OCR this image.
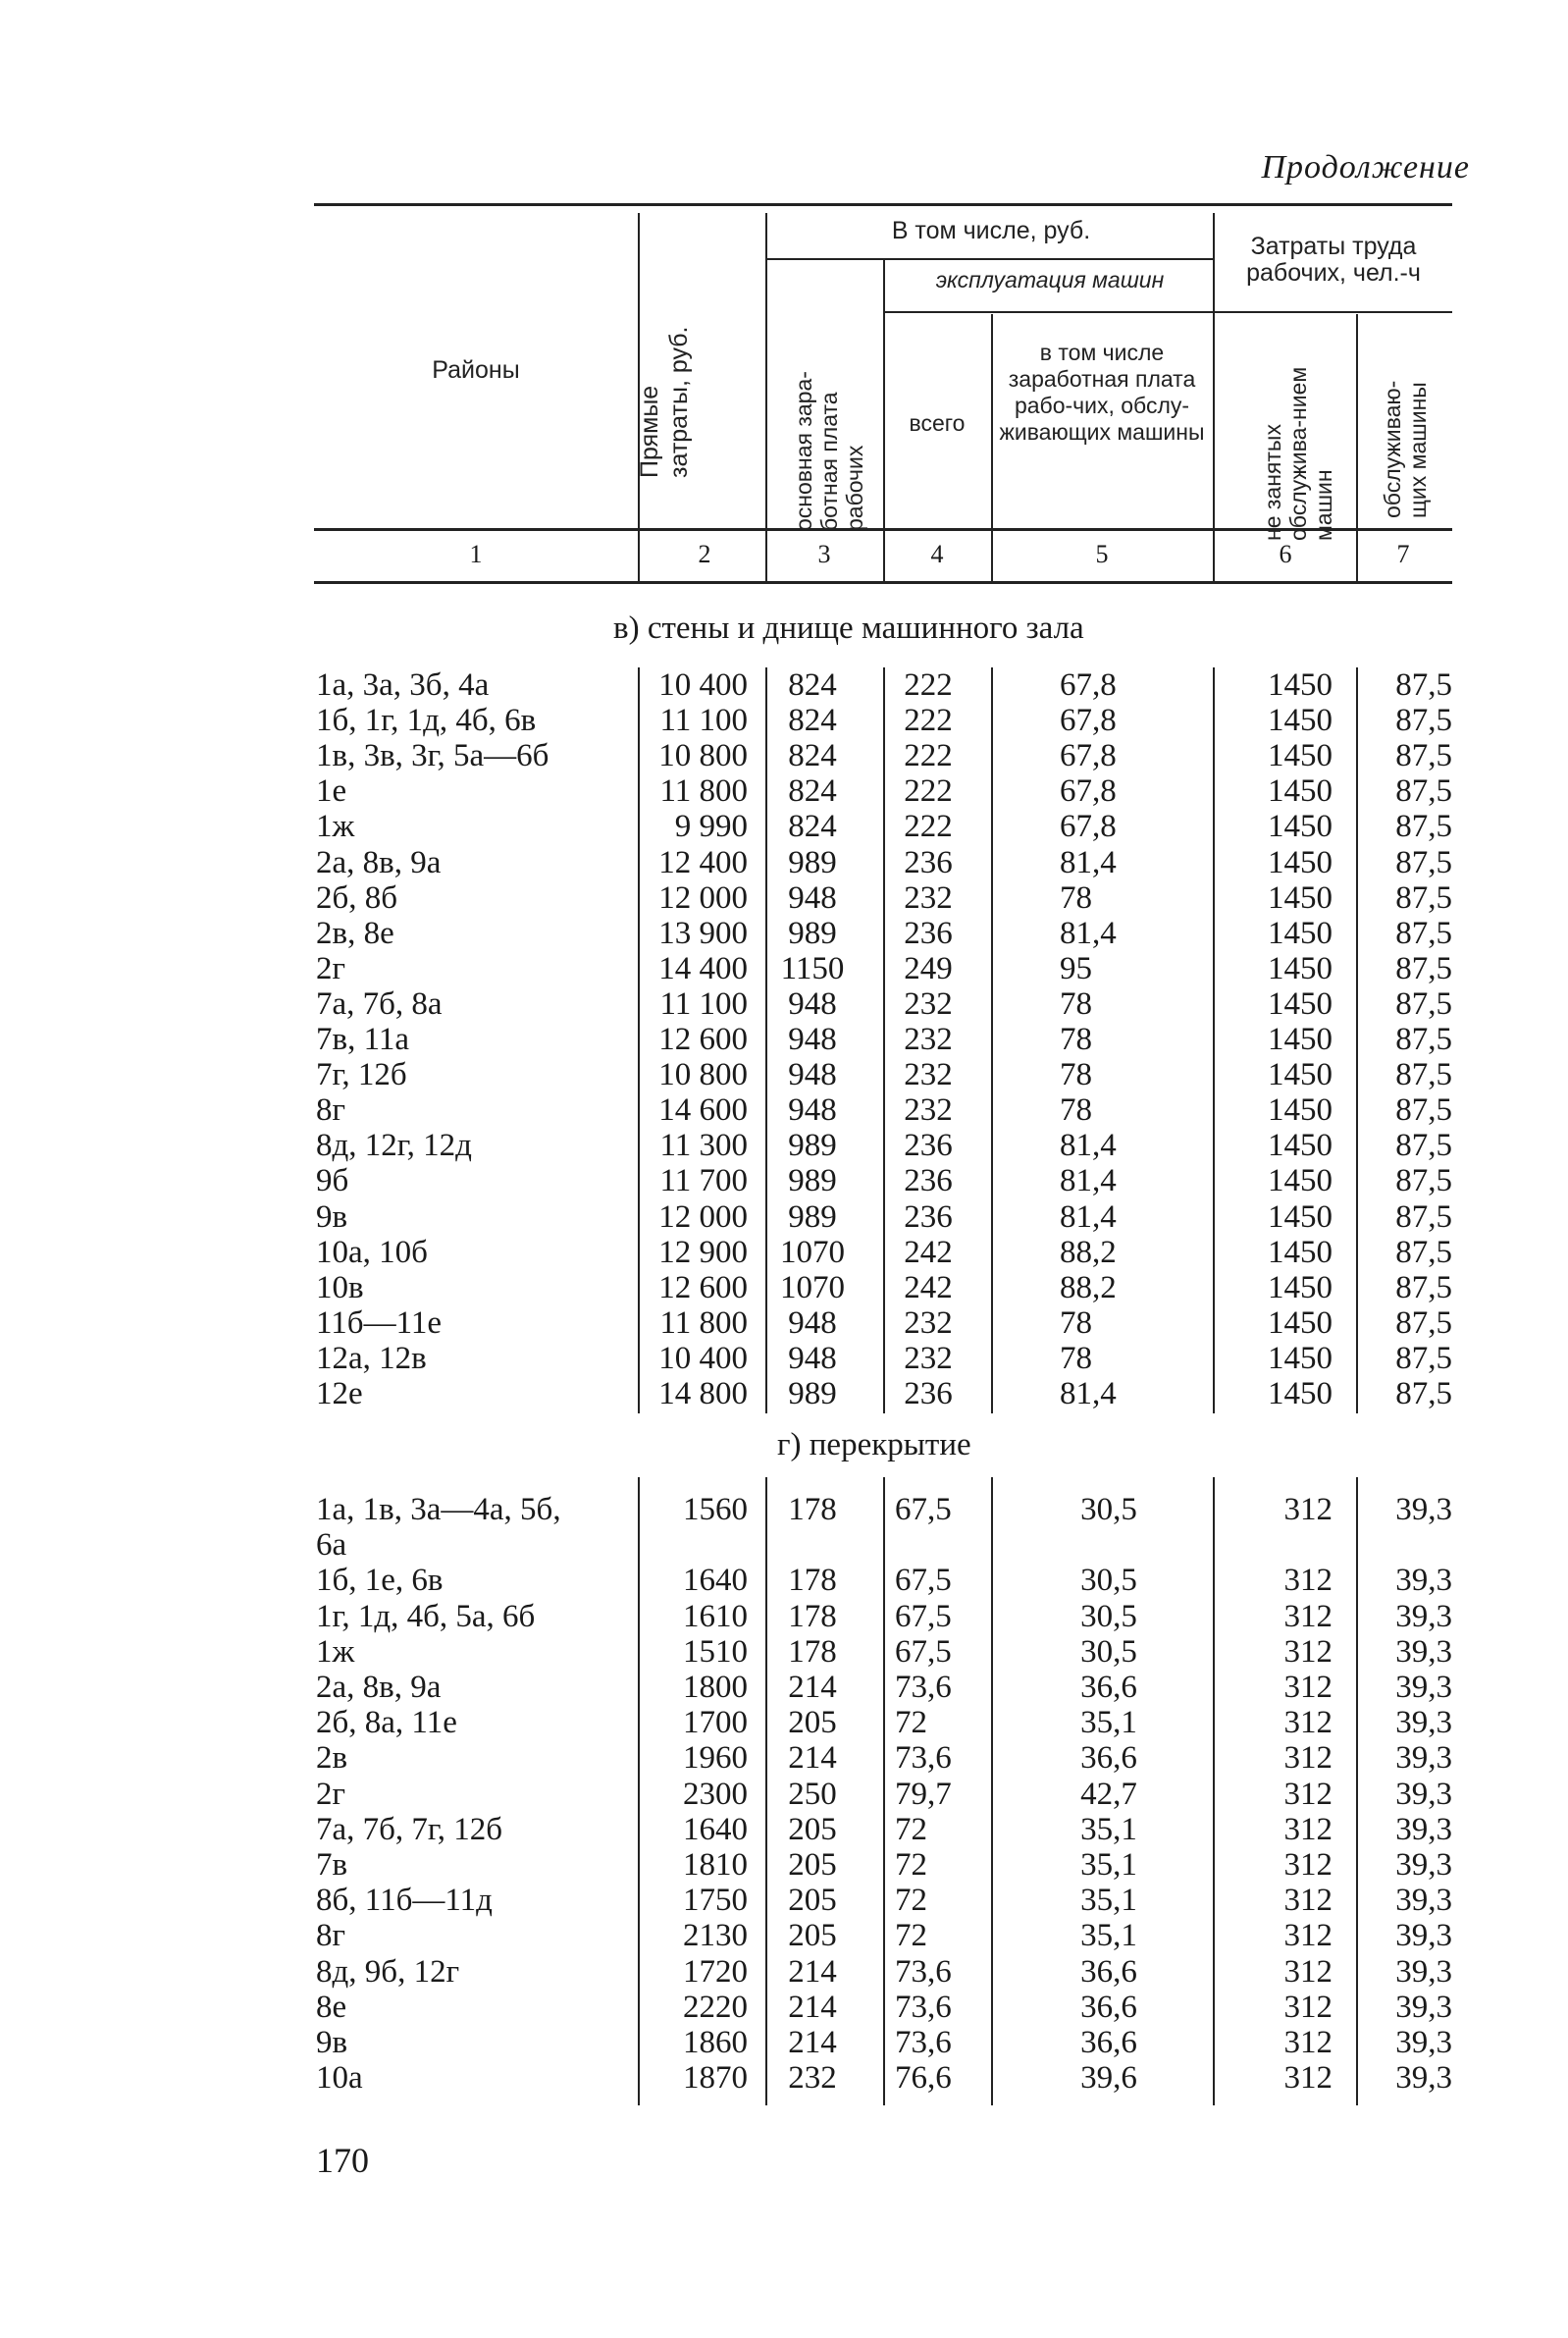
Продолжение
Районы
Прямые затраты, руб.
В том числе, руб.
основная зара-ботная плата рабочих
эксплуатация машин
всего
в том числе заработная плата рабо-чих, обслу-живающих машины
Затраты труда рабочих, чел.-ч
не занятых обслужива-нием машин обслуживаю-щих машины
1	2	3	4	5	6	7
в) стены и днище машинного зала
1а, 3а, 3б, 4а	10 400	824	222	67,8	1450	87,5
1б, 1г, 1д, 4б, 6в	11 100	824	222	67,8	1450	87,5
1в, 3в, 3г, 5а—6б	10 800	824	222	67,8	1450	87,5
1е	11 800	824	222	67,8	1450	87,5
1ж	9 990	824	222	67,8	1450	87,5
2а, 8в, 9а	12 400	989	236	81,4	1450	87,5
2б, 8б	12 000	948	232	78	1450	87,5
2в, 8е	13 900	989	236	81,4	1450	87,5
2г	14 400	1150	249	95	1450	87,5
7а, 7б, 8а	11 100	948	232	78	1450	87,5
7в, 11а	12 600	948	232	78	1450	87,5
7г, 12б	10 800	948	232	78	1450	87,5
8г	14 600	948	232	78	1450	87,5
8д, 12г, 12д	11 300	989	236	81,4	1450	87,5
9б	11 700	989	236	81,4	1450	87,5
9в	12 000	989	236	81,4	1450	87,5
10а, 10б	12 900	1070	242	88,2	1450	87,5
10в	12 600	1070	242	88,2	1450	87,5
11б—11е	11 800	948	232	78	1450	87,5
12а, 12в	10 400	948	232	78	1450	87,5
12е	14 800	989	236	81,4	1450	87,5
г) перекрытие
1а, 1в, 3а—4а, 5б,	1560	178	67,5	30,5	312	39,3
6а
1б, 1е, 6в	1640	178	67,5	30,5	312	39,3
1г, 1д, 4б, 5а, 6б	1610	178	67,5	30,5	312	39,3
1ж	1510	178	67,5	30,5	312	39,3
2а, 8в, 9а	1800	214	73,6	36,6	312	39,3
2б, 8а, 11е	1700	205	72	35,1	312	39,3
2в	1960	214	73,6	36,6	312	39,3
2г	2300	250	79,7	42,7	312	39,3
7а, 7б, 7г, 12б	1640	205	72	35,1	312	39,3
7в	1810	205	72	35,1	312	39,3
8б, 11б—11д	1750	205	72	35,1	312	39,3
8г	2130	205	72	35,1	312	39,3
8д, 9б, 12г	1720	214	73,6	36,6	312	39,3
8е	2220	214	73,6	36,6	312	39,3
9в	1860	214	73,6	36,6	312	39,3
10а	1870	232	76,6	39,6	312	39,3
170
